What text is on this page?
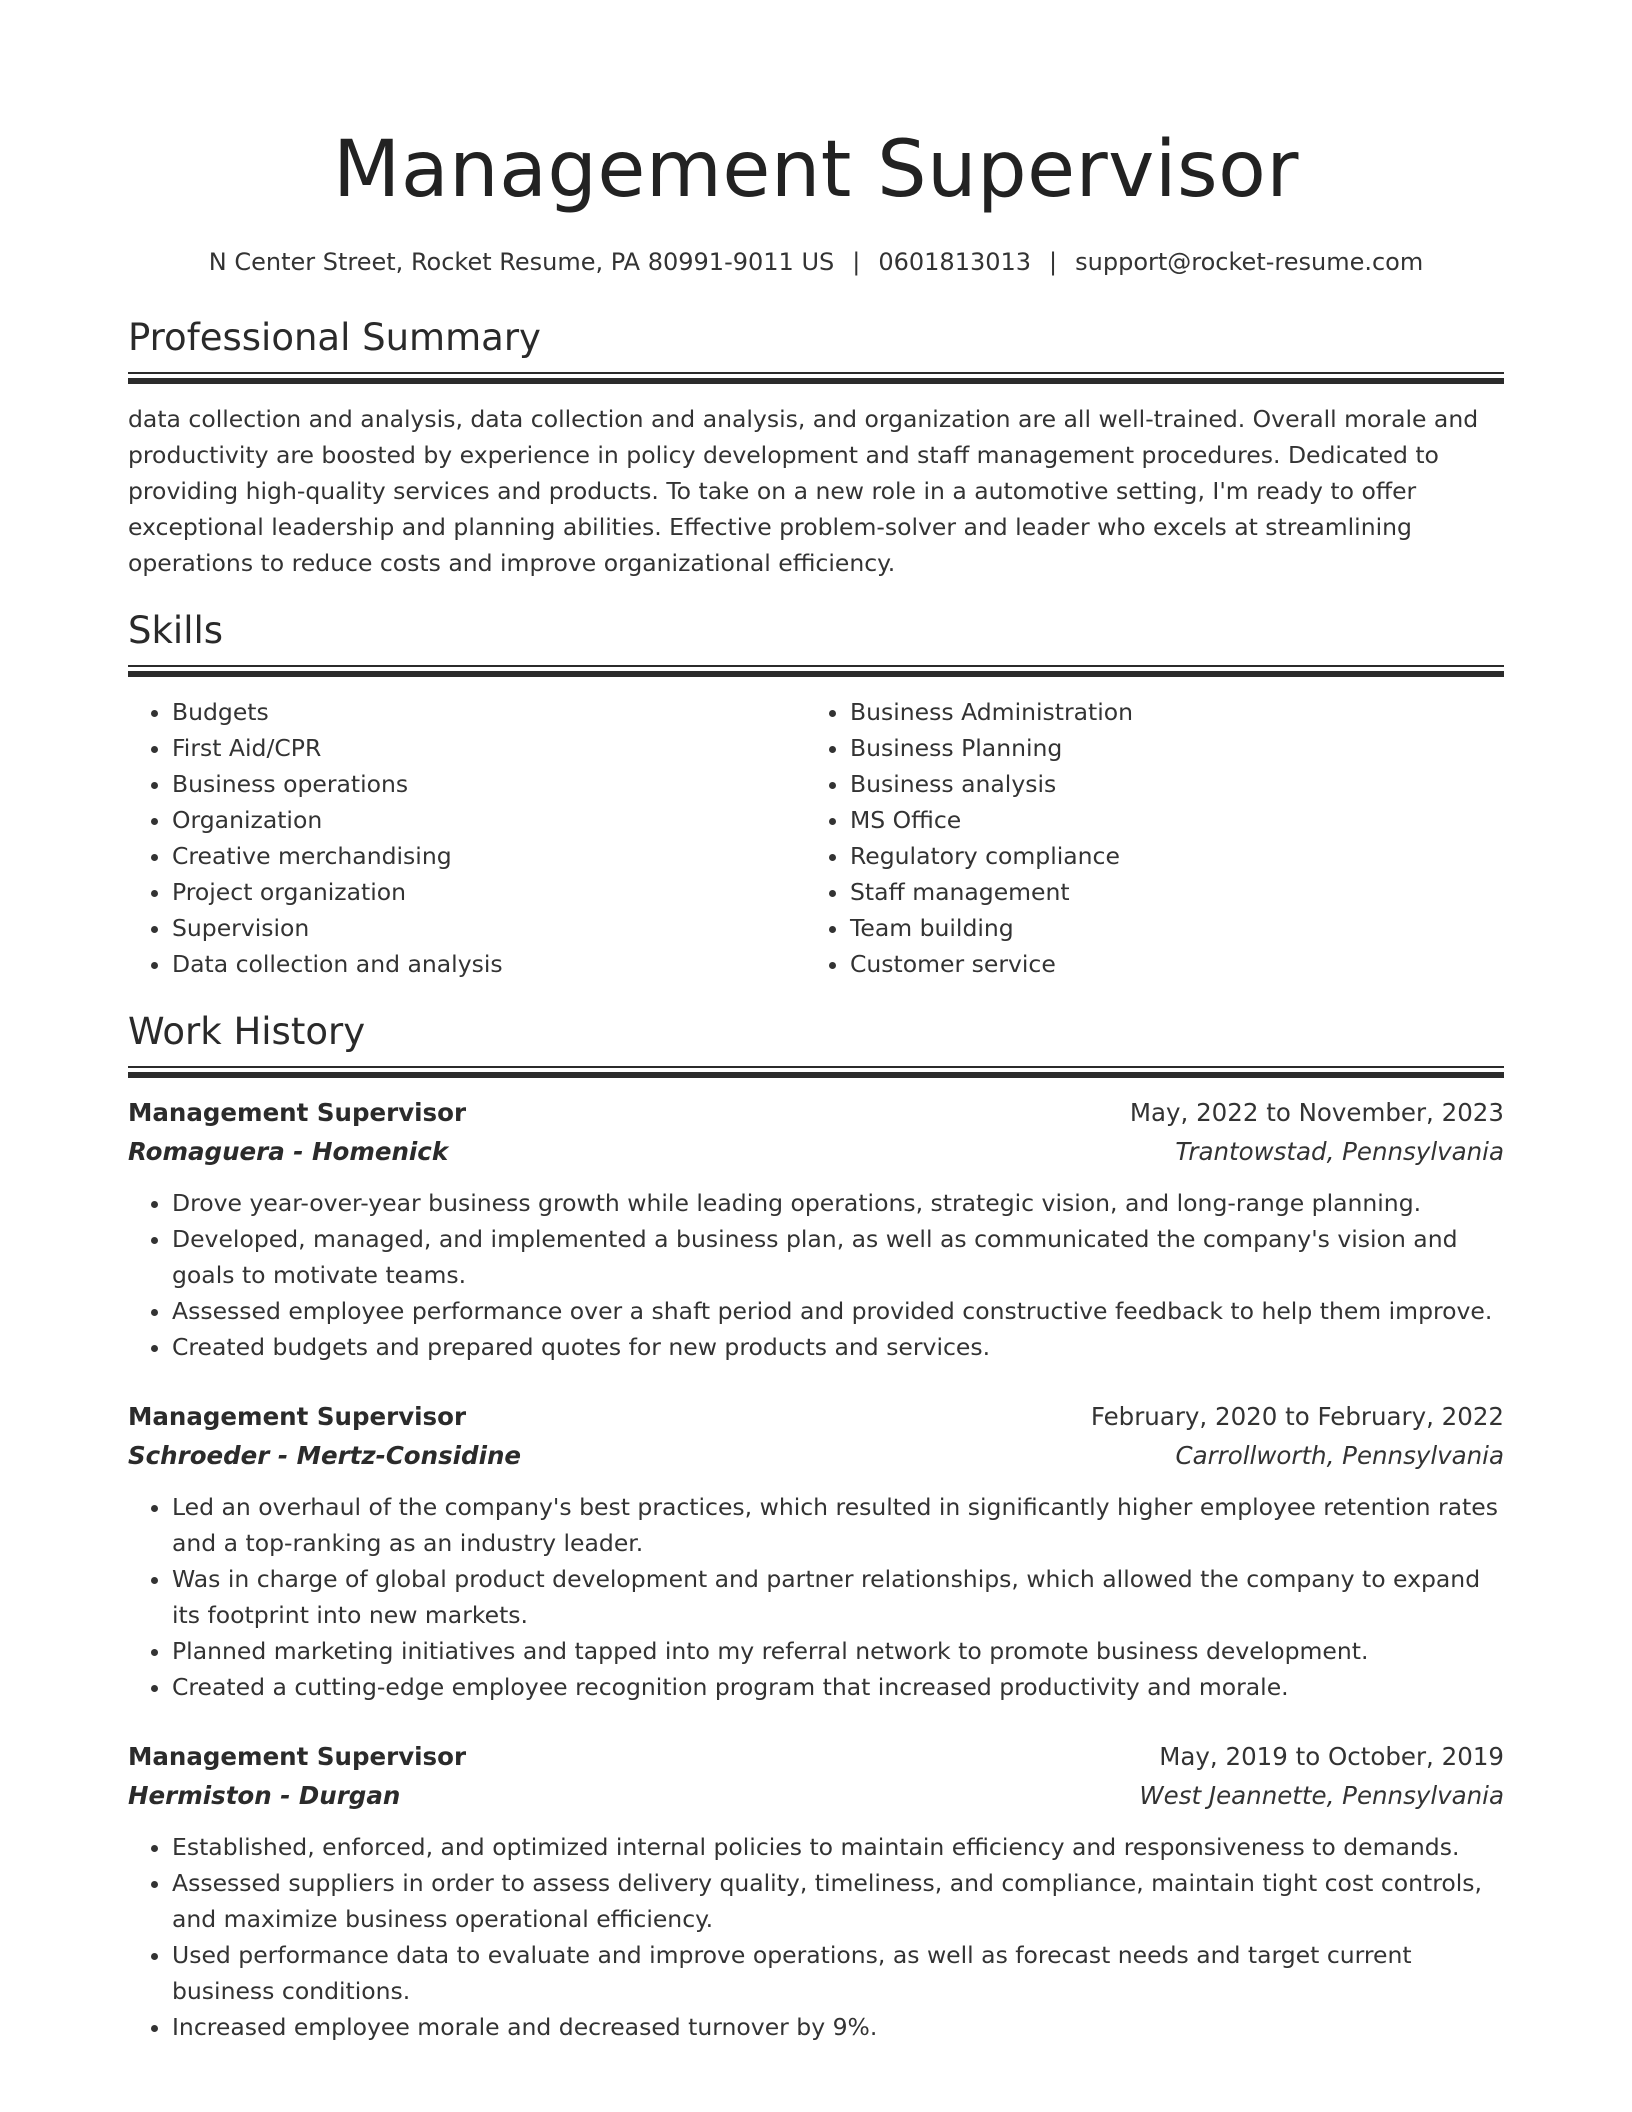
Management Supervisor
N Center Street, Rocket Resume, PA 80991-9011 US | 0601813013 | support@rocket-resume.com
Professional Summary
data collection and analysis, data collection and analysis, and organization are all well-trained. Overall morale and productivity are boosted by experience in policy development and staff management procedures. Dedicated to providing high-quality services and products. To take on a new role in a automotive setting, I'm ready to offer exceptional leadership and planning abilities. Effective problem-solver and leader who excels at streamlining operations to reduce costs and improve organizational efficiency.
Skills
• Budgets
• First Aid/CPR
• Business operations
• Organization
• Creative merchandising
• Project organization
• Supervision
• Data collection and analysis
• Business Administration
• Business Planning
• Business analysis
• MS Office
• Regulatory compliance
• Staff management
• Team building
• Customer service
Work History
Management Supervisor	May, 2022 to November, 2023
Romaguera - Homenick	Trantowstad, Pennsylvania
• Drove year-over-year business growth while leading operations, strategic vision, and long-range planning.
• Developed, managed, and implemented a business plan, as well as communicated the company's vision and goals to motivate teams.
• Assessed employee performance over a shaft period and provided constructive feedback to help them improve.
• Created budgets and prepared quotes for new products and services.
Management Supervisor	February, 2020 to February, 2022
Schroeder - Mertz-Considine	Carrollworth, Pennsylvania
• Led an overhaul of the company's best practices, which resulted in significantly higher employee retention rates and a top-ranking as an industry leader.
• Was in charge of global product development and partner relationships, which allowed the company to expand its footprint into new markets.
• Planned marketing initiatives and tapped into my referral network to promote business development.
• Created a cutting-edge employee recognition program that increased productivity and morale.
Management Supervisor	May, 2019 to October, 2019
Hermiston - Durgan	West Jeannette, Pennsylvania
• Established, enforced, and optimized internal policies to maintain efficiency and responsiveness to demands.
• Assessed suppliers in order to assess delivery quality, timeliness, and compliance, maintain tight cost controls, and maximize business operational efficiency.
• Used performance data to evaluate and improve operations, as well as forecast needs and target current business conditions.
• Increased employee morale and decreased turnover by 9%.
